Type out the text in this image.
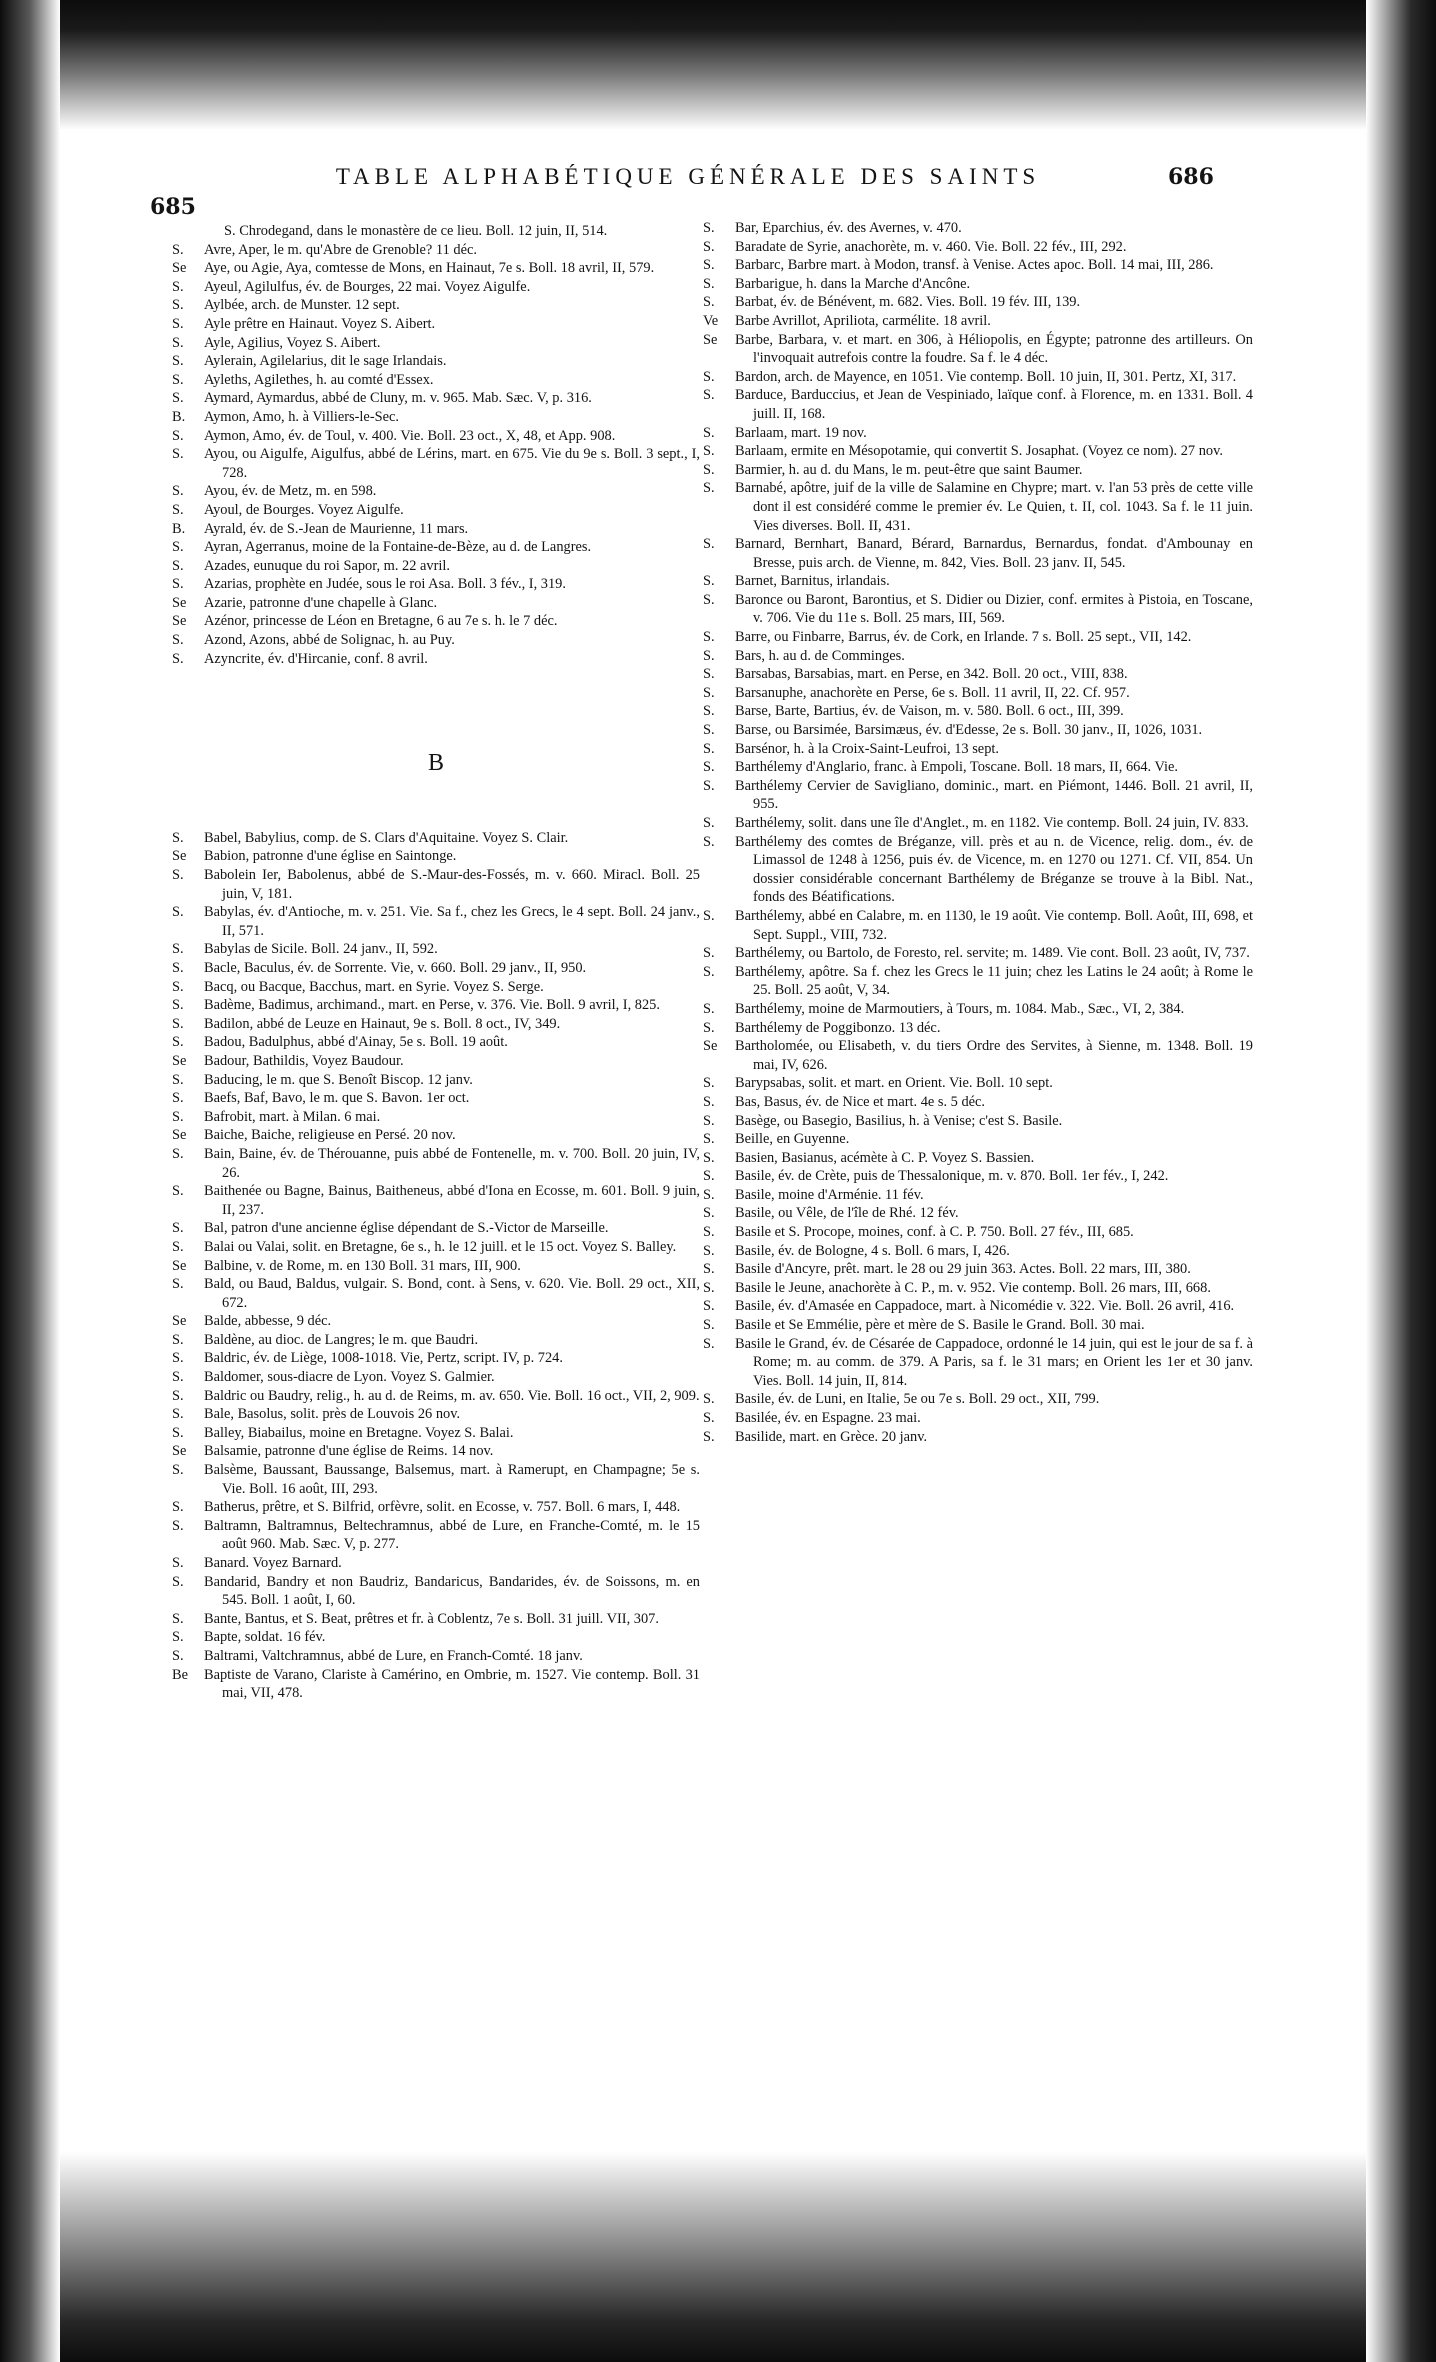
685
TABLE ALPHABÉTIQUE GÉNÉRALE DES SAINTS	686

S. Chrodegand, dans le monastère de ce lieu. Boll. 12 juin, II, 514.

S.	Avre, Aper, le m. qu'Abre de Grenoble? 11 déc.

Se	Aye, ou Agie, Aya, comtesse de Mons, en Hainaut, 7e s. Boll. 18 avril, II, 579.

S.	Ayeul, Agilulfus, év. de Bourges, 22 mai. Voyez Aigulfe.

S.	Aylbée, arch. de Munster. 12 sept.

S.	Ayle prêtre en Hainaut. Voyez S. Aibert.

S.	Ayle, Agilius, Voyez S. Aibert.

S.	Aylerain, Agilelarius, dit le sage Irlandais.

S.	Ayleths, Agilethes, h. au comté d'Essex.

S.	Aymard, Aymardus, abbé de Cluny, m. v. 965. Mab. Sæc. V, p. 316.

B.	Aymon, Amo, h. à Villiers-le-Sec.

S.	Aymon, Amo, év. de Toul, v. 400. Vie. Boll. 23 oct., X, 48, et App. 908.

S.	Ayou, ou Aigulfe, Aigulfus, abbé de Lérins, mart. en 675. Vie du 9e s. Boll. 3 sept., I, 728.

S.	Ayou, év. de Metz, m. en 598.

S.	Ayoul, de Bourges. Voyez Aigulfe.

B.	Ayrald, év. de S.-Jean de Maurienne, 11 mars.

S.	Ayran, Agerranus, moine de la Fontaine-de-Bèze, au d. de Langres.

S.	Azades, eunuque du roi Sapor, m. 22 avril.

S.	Azarias, prophète en Judée, sous le roi Asa. Boll. 3 fév., I, 319.

Se	Azarie, patronne d'une chapelle à Glanc.

Se	Azénor, princesse de Léon en Bretagne, 6 au 7e s. h. le 7 déc.

S.	Azond, Azons, abbé de Solignac, h. au Puy.

S.	Azyncrite, év. d'Hircanie, conf. 8 avril.

B

S.	Babel, Babylius, comp. de S. Clars d'Aquitaine. Voyez S. Clair.

Se	Babion, patronne d'une église en Saintonge.

S.	Babolein Ier, Babolenus, abbé de S.-Maur-des-Fossés, m. v. 660. Miracl. Boll. 25 juin, V, 181.

S.	Babylas, év. d'Antioche, m. v. 251. Vie. Sa f., chez les Grecs, le 4 sept. Boll. 24 janv., II, 571.

S.	Babylas de Sicile. Boll. 24 janv., II, 592.

S.	Bacle, Baculus, év. de Sorrente. Vie, v. 660. Boll. 29 janv., II, 950.

S.	Bacq, ou Bacque, Bacchus, mart. en Syrie. Voyez S. Serge.

S.	Badème, Badimus, archimand., mart. en Perse, v. 376. Vie. Boll. 9 avril, I, 825.

S.	Badilon, abbé de Leuze en Hainaut, 9e s. Boll. 8 oct., IV, 349.

S.	Badou, Badulphus, abbé d'Ainay, 5e s. Boll. 19 août.

Se	Badour, Bathildis, Voyez Baudour.

S.	Baducing, le m. que S. Benoît Biscop. 12 janv.

S.	Baefs, Baf, Bavo, le m. que S. Bavon. 1er oct.

S.	Bafrobit, mart. à Milan. 6 mai.

Se	Baiche, Baiche, religieuse en Persé. 20 nov.

S.	Bain, Baine, év. de Thérouanne, puis abbé de Fontenelle, m. v. 700. Boll. 20 juin, IV, 26.

S.	Baithenée ou Bagne, Bainus, Baitheneus, abbé d'Iona en Ecosse, m. 601. Boll. 9 juin, II, 237.

S.	Bal, patron d'une ancienne église dépendant de S.-Victor de Marseille.

S.	Balai ou Valai, solit. en Bretagne, 6e s., h. le 12 juill. et le 15 oct. Voyez S. Balley.

Se	Balbine, v. de Rome, m. en 130 Boll. 31 mars, III, 900.

S.	Bald, ou Baud, Baldus, vulgair. S. Bond, cont. à Sens, v. 620. Vie. Boll. 29 oct., XII, 672.

Se	Balde, abbesse, 9 déc.

S.	Baldène, au dioc. de Langres; le m. que Baudri.

S.	Baldric, év. de Liège, 1008-1018. Vie, Pertz, script. IV, p. 724.

S.	Baldomer, sous-diacre de Lyon. Voyez S. Galmier.

S.	Baldric ou Baudry, relig., h. au d. de Reims, m. av. 650. Vie. Boll. 16 oct., VII, 2, 909.

S.	Bale, Basolus, solit. près de Louvois 26 nov.

S.	Balley, Biabailus, moine en Bretagne. Voyez S. Balai.

Se	Balsamie, patronne d'une église de Reims. 14 nov.

S.	Balsème, Baussant, Baussange, Balsemus, mart. à Ramerupt, en Champagne; 5e s. Vie. Boll. 16 août, III, 293.

S.	Batherus, prêtre, et S. Bilfrid, orfèvre, solit. en Ecosse, v. 757. Boll. 6 mars, I, 448.

S.	Baltramn, Baltramnus, Beltechramnus, abbé de Lure, en Franche-Comté, m. le 15 août 960. Mab. Sæc. V, p. 277.

S.	Banard. Voyez Barnard.

S.	Bandarid, Bandry et non Baudriz, Bandaricus, Bandarides, év. de Soissons, m. en 545. Boll. 1 août, I, 60.

S.	Bante, Bantus, et S. Beat, prêtres et fr. à Coblentz, 7e s. Boll. 31 juill. VII, 307.

S.	Bapte, soldat. 16 fév.

S.	Baltrami, Valtchramnus, abbé de Lure, en Franch-Comté. 18 janv.

Be	Baptiste de Varano, Clariste à Camérino, en Ombrie, m. 1527. Vie contemp. Boll. 31 mai, VII, 478.

S.	Bar, Eparchius, év. des Avernes, v. 470.

S.	Baradate de Syrie, anachorète, m. v. 460. Vie. Boll. 22 fév., III, 292.

S.	Barbarc, Barbre mart. à Modon, transf. à Venise. Actes apoc. Boll. 14 mai, III, 286.

S.	Barbarigue, h. dans la Marche d'Ancône.

S.	Barbat, év. de Bénévent, m. 682. Vies. Boll. 19 fév. III, 139.

Ve	Barbe Avrillot, Apriliota, carmélite. 18 avril.

Se	Barbe, Barbara, v. et mart. en 306, à Héliopolis, en Égypte; patronne des artilleurs. On l'invoquait autrefois contre la foudre. Sa f. le 4 déc.

S.	Bardon, arch. de Mayence, en 1051. Vie contemp. Boll. 10 juin, II, 301. Pertz, XI, 317.

S.	Barduce, Barduccius, et Jean de Vespiniado, laïque conf. à Florence, m. en 1331. Boll. 4 juill. II, 168.

S.	Barlaam, mart. 19 nov.

S.	Barlaam, ermite en Mésopotamie, qui convertit S. Josaphat. (Voyez ce nom). 27 nov.

S.	Barmier, h. au d. du Mans, le m. peut-être que saint Baumer.

S.	Barnabé, apôtre, juif de la ville de Salamine en Chypre; mart. v. l'an 53 près de cette ville dont il est considéré comme le premier év. Le Quien, t. II, col. 1043. Sa f. le 11 juin. Vies diverses. Boll. II, 431.

S.	Barnard, Bernhart, Banard, Bérard, Barnardus, Bernardus, fondat. d'Ambounay en Bresse, puis arch. de Vienne, m. 842, Vies. Boll. 23 janv. II, 545.

S.	Barnet, Barnitus, irlandais.

S.	Baronce ou Baront, Barontius, et S. Didier ou Dizier, conf. ermites à Pistoia, en Toscane, v. 706. Vie du 11e s. Boll. 25 mars, III, 569.

S.	Barre, ou Finbarre, Barrus, év. de Cork, en Irlande. 7 s. Boll. 25 sept., VII, 142.

S.	Bars, h. au d. de Comminges.

S.	Barsabas, Barsabias, mart. en Perse, en 342. Boll. 20 oct., VIII, 838.

S.	Barsanuphe, anachorète en Perse, 6e s. Boll. 11 avril, II, 22. Cf. 957.

S.	Barse, Barte, Bartius, év. de Vaison, m. v. 580. Boll. 6 oct., III, 399.

S.	Barse, ou Barsimée, Barsimæus, év. d'Edesse, 2e s. Boll. 30 janv., II, 1026, 1031.

S.	Barsénor, h. à la Croix-Saint-Leufroi, 13 sept.

S.	Barthélemy d'Anglario, franc. à Empoli, Toscane. Boll. 18 mars, II, 664. Vie.

S.	Barthélemy Cervier de Savigliano, dominic., mart. en Piémont, 1446. Boll. 21 avril, II, 955.

S.	Barthélemy, solit. dans une île d'Anglet., m. en 1182. Vie contemp. Boll. 24 juin, IV. 833.

S.	Barthélemy des comtes de Bréganze, vill. près et au n. de Vicence, relig. dom., év. de Limassol de 1248 à 1256, puis év. de Vicence, m. en 1270 ou 1271. Cf. VII, 854. Un dossier considérable concernant Barthélemy de Bréganze se trouve à la Bibl. Nat., fonds des Béatifications.

S.	Barthélemy, abbé en Calabre, m. en 1130, le 19 août. Vie contemp. Boll. Août, III, 698, et Sept. Suppl., VIII, 732.

S.	Barthélemy, ou Bartolo, de Foresto, rel. servite; m. 1489. Vie cont. Boll. 23 août, IV, 737.

S.	Barthélemy, apôtre. Sa f. chez les Grecs le 11 juin; chez les Latins le 24 août; à Rome le 25. Boll. 25 août, V, 34.

S.	Barthélemy, moine de Marmoutiers, à Tours, m. 1084. Mab., Sæc., VI, 2, 384.

S.	Barthélemy de Poggibonzo. 13 déc.

Se	Bartholomée, ou Elisabeth, v. du tiers Ordre des Servites, à Sienne, m. 1348. Boll. 19 mai, IV, 626.

S.	Barypsabas, solit. et mart. en Orient. Vie. Boll. 10 sept.

S.	Bas, Basus, év. de Nice et mart. 4e s. 5 déc.

S.	Basège, ou Basegio, Basilius, h. à Venise; c'est S. Basile.

S.	Beille, en Guyenne.

S.	Basien, Basianus, acémète à C. P. Voyez S. Bassien.

S.	Basile, év. de Crète, puis de Thessalonique, m. v. 870. Boll. 1er fév., I, 242.

S.	Basile, moine d'Arménie. 11 fév.

S.	Basile, ou Vêle, de l'île de Rhé. 12 fév.

S.	Basile et S. Procope, moines, conf. à C. P. 750. Boll. 27 fév., III, 685.

S.	Basile, év. de Bologne, 4 s. Boll. 6 mars, I, 426.

S.	Basile d'Ancyre, prêt. mart. le 28 ou 29 juin 363. Actes. Boll. 22 mars, III, 380.

S.	Basile le Jeune, anachorète à C. P., m. v. 952. Vie contemp. Boll. 26 mars, III, 668.

S.	Basile, év. d'Amasée en Cappadoce, mart. à Nicomédie v. 322. Vie. Boll. 26 avril, 416.

S.	Basile et Se Emmélie, père et mère de S. Basile le Grand. Boll. 30 mai.

S.	Basile le Grand, év. de Césarée de Cappadoce, ordonné le 14 juin, qui est le jour de sa f. à Rome; m. au comm. de 379. A Paris, sa f. le 31 mars; en Orient les 1er et 30 janv. Vies. Boll. 14 juin, II, 814.

S.	Basile, év. de Luni, en Italie, 5e ou 7e s. Boll. 29 oct., XII, 799.

S.	Basilée, év. en Espagne. 23 mai.

S.	Basilide, mart. en Grèce. 20 janv.
